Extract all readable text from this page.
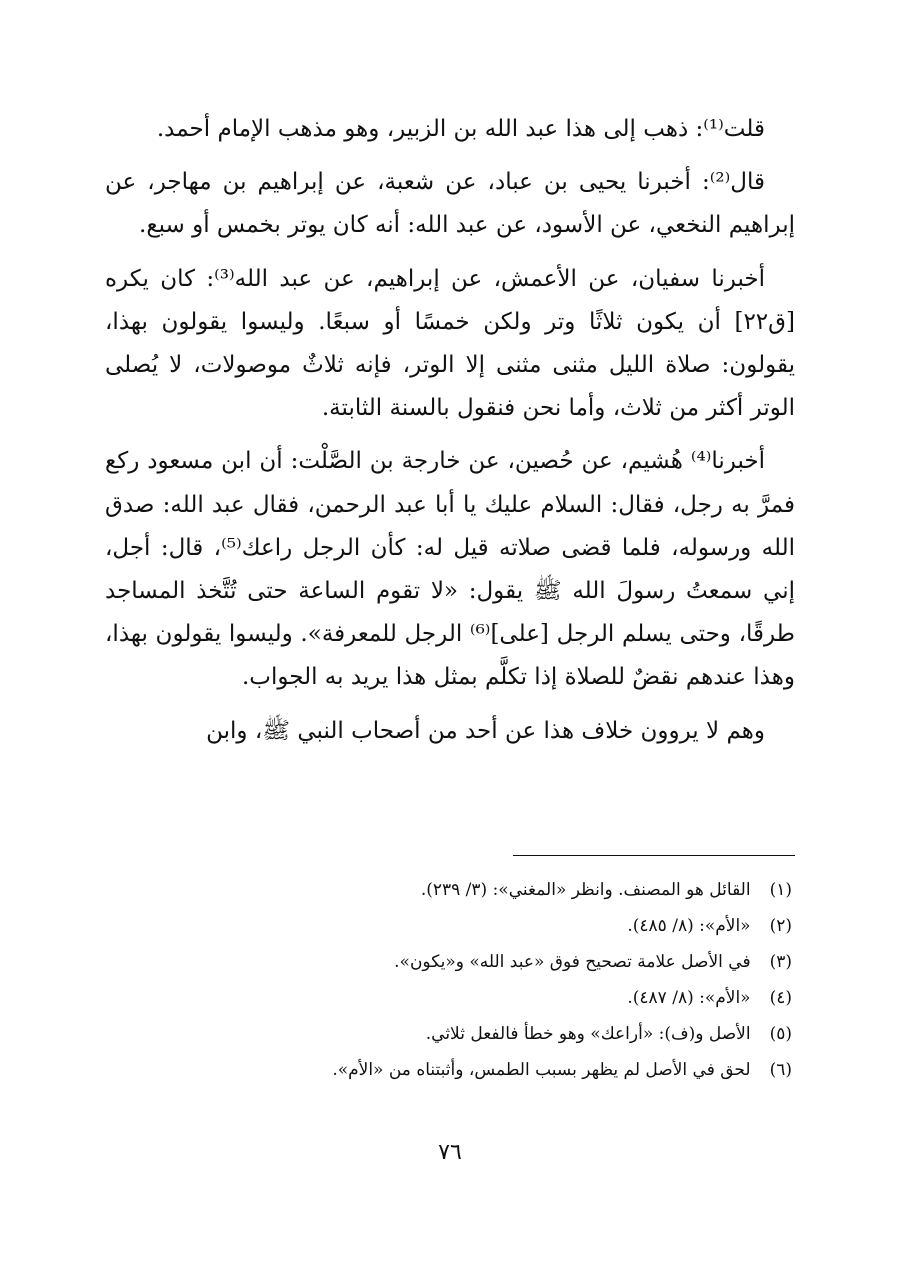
قلت⁽¹⁾: ذهب إلى هذا عبد الله بن الزبير، وهو مذهب الإمام أحمد.

قال⁽²⁾: أخبرنا يحيى بن عباد، عن شعبة، عن إبراهيم بن مهاجر، عن إبراهيم النخعي، عن الأسود، عن عبد الله: أنه كان يوتر بخمس أو سبع.

أخبرنا سفيان، عن الأعمش، عن إبراهيم، عن عبد الله⁽³⁾: كان يكره [ق٢٢] أن يكون ثلاثًا وتر ولكن خمسًا أو سبعًا. وليسوا يقولون بهذا، يقولون: صلاة الليل مثنى مثنى إلا الوتر، فإنه ثلاثٌ موصولات، لا يُصلى الوتر أكثر من ثلاث، وأما نحن فنقول بالسنة الثابتة.

أخبرنا⁽⁴⁾ هُشيم، عن حُصين، عن خارجة بن الصَّلْت: أن ابن مسعود ركع فمرَّ به رجل، فقال: السلام عليك يا أبا عبد الرحمن، فقال عبد الله: صدق الله ورسوله، فلما قضى صلاته قيل له: كأن الرجل راعك⁽⁵⁾، قال: أجل، إني سمعتُ رسولَ الله ﷺ يقول: «لا تقوم الساعة حتى تُتَّخذ المساجد طرقًا، وحتى يسلم الرجل [على]⁽⁶⁾ الرجل للمعرفة». وليسوا يقولون بهذا، وهذا عندهم نقضٌ للصلاة إذا تكلَّم بمثل هذا يريد به الجواب.

وهم لا يروون خلاف هذا عن أحد من أصحاب النبي ﷺ، وابن

(١) القائل هو المصنف. وانظر «المغني»: (٣/ ٢٣٩).
(٢) «الأم»: (٨/ ٤٨٥).
(٣) في الأصل علامة تصحيح فوق «عبد الله» و«يكون».
(٤) «الأم»: (٨/ ٤٨٧).
(٥) الأصل و(ف): «أراعك» وهو خطأ فالفعل ثلاثي.
(٦) لحق في الأصل لم يظهر بسبب الطمس، وأثبتناه من «الأم».
٧٦
